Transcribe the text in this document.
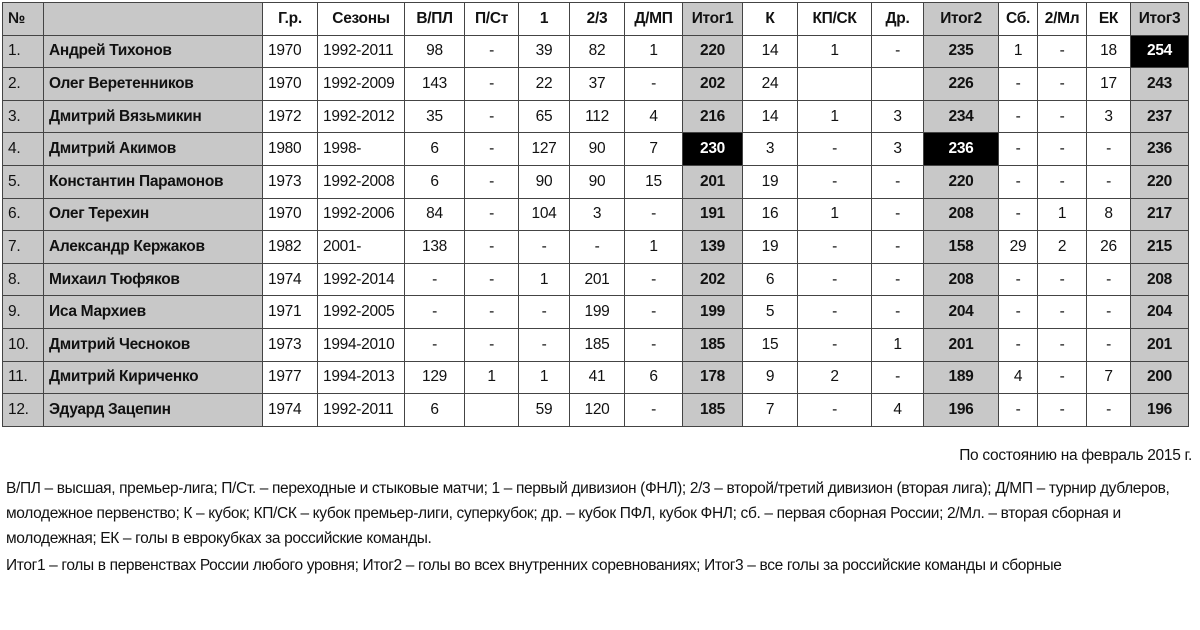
№		Г.р.	Сезоны	В/ПЛ	П/Ст	1	2/3	Д/МП	Итог1	К	КП/СК	Др.	Итог2	Сб.	2/Мл	ЕК	Итог3
1.	Андрей Тихонов	1970	1992-2011	98	-	39	82	1	220	14	1	-	235	1	-	18	254
2.	Олег Веретенников	1970	1992-2009	143	-	22	37	-	202	24			226	-	-	17	243
3.	Дмитрий Вязьмикин	1972	1992-2012	35	-	65	112	4	216	14	1	3	234	-	-	3	237
4.	Дмитрий Акимов	1980	1998-	6	-	127	90	7	230	3	-	3	236	-	-	-	236
5.	Константин Парамонов	1973	1992-2008	6	-	90	90	15	201	19	-	-	220	-	-	-	220
6.	Олег Терехин	1970	1992-2006	84	-	104	3	-	191	16	1	-	208	-	1	8	217
7.	Александр Кержаков	1982	2001-	138	-	-	-	1	139	19	-	-	158	29	2	26	215
8.	Михаил Тюфяков	1974	1992-2014	-	-	1	201	-	202	6	-	-	208	-	-	-	208
9.	Иса Мархиев	1971	1992-2005	-	-	-	199	-	199	5	-	-	204	-	-	-	204
10.	Дмитрий Чесноков	1973	1994-2010	-	-	-	185	-	185	15	-	1	201	-	-	-	201
11.	Дмитрий Кириченко	1977	1994-2013	129	1	1	41	6	178	9	2	-	189	4	-	7	200
12.	Эдуард Зацепин	1974	1992-2011	6		59	120	-	185	7	-	4	196	-	-	-	196
По состоянию на февраль 2015 г.

В/ПЛ – высшая, премьер-лига; П/Ст. – переходные и стыковые матчи; 1 – первый дивизион (ФНЛ); 2/3 – второй/третий дивизион (вторая лига); Д/МП – турнир дублеров, молодежное первенство; К – кубок; КП/СК – кубок премьер-лиги, суперкубок; др. – кубок ПФЛ, кубок ФНЛ; сб. – первая сборная России; 2/Мл. – вторая сборная и молодежная; ЕК – голы в еврокубках за российские команды.

Итог1 – голы в первенствах России любого уровня; Итог2 – голы во всех внутренних соревнованиях; Итог3 – все голы за российские команды и сборные
